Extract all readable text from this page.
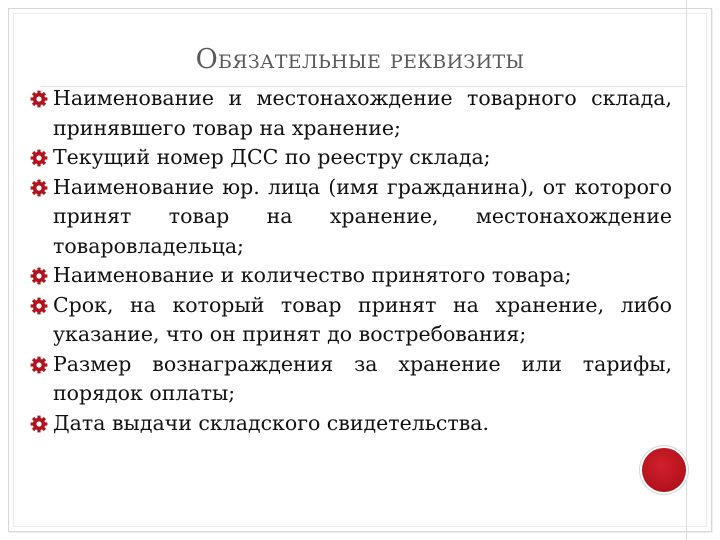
Обязательные реквизиты
Наименование и местонахождение товарного склада, принявшего товар на хранение;
Текущий номер ДСС по реестру склада;
Наименование юр. лица (имя гражданина), от которого принят товар на хранение, местонахождение товаровладельца;
Наименование и количество принятого товара;
Срок, на который товар принят на хранение, либо указание, что он принят до востребования;
Размер вознаграждения за хранение или тарифы, порядок оплаты;
Дата выдачи складского свидетельства.
